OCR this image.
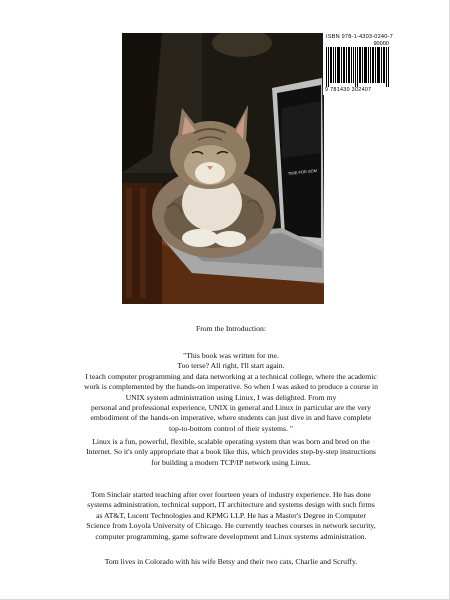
TIME FOR SOM
ISBN 978-1-4303-0240-7
90000
9 781430 302407
From the Introduction:

"This book was written for me.

Too terse? All right, I'll start again.

I teach computer programming and data networking at a technical college, where the academic

work is complemented by the hands-on imperative. So when I was asked to produce a course in

UNIX system administration using Linux, I was delighted. From my

personal and professional experience, UNIX in general and Linux in particular are the very

embodiment of the hands-on imperative, where students can just dive in and have complete

top-to-bottom control of their systems. "

Linux is a fun, powerful, flexible, scalable operating system that was born and bred on the

Internet. So it's only appropriate that a book like this, which provides step-by-step instructions

for building a modern TCP/IP network using Linux.

Tom Sinclair started teaching after over fourteen years of industry experience. He has done

systems administration, technical support, IT architecture and systems design with such firms

as AT&T, Lucent Technologies and KPMG LLP. He has a Master's Degree in Computer

Science from Loyola University of Chicago. He currently teaches courses in network security,

computer programming, game software development and Linux systems administration.

Tom lives in Colorado with his wife Betsy and their two cats, Charlie and Scruffy.
